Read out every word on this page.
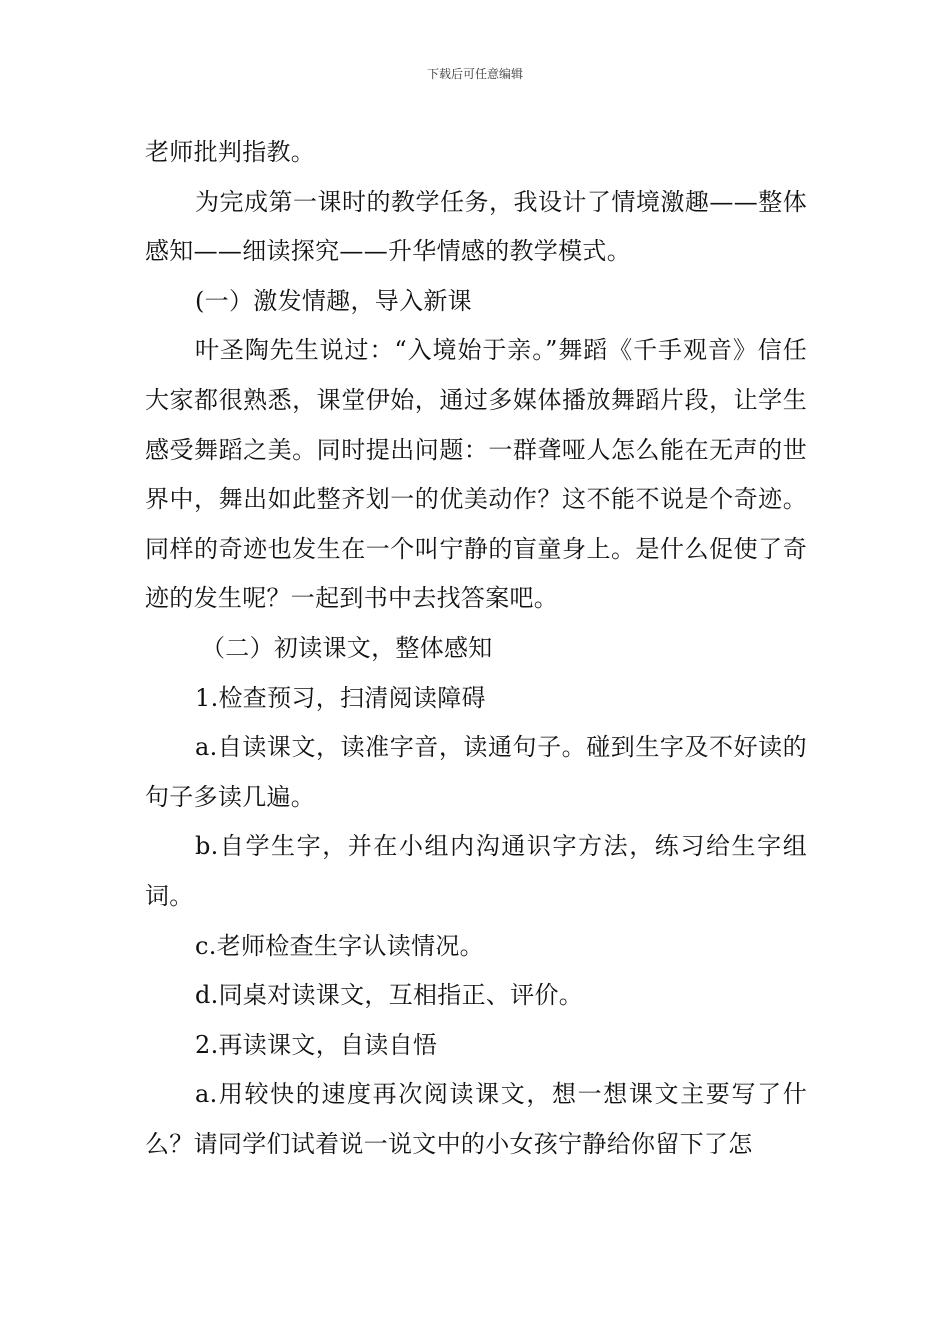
下载后可任意编辑

老师批判指教。

为完成第一课时的教学任务，我设计了情境激趣——整体感知——细读探究——升华情感的教学模式。

(一）激发情趣，导入新课

叶圣陶先生说过：“入境始于亲。”舞蹈《千手观音》信任大家都很熟悉，课堂伊始，通过多媒体播放舞蹈片段，让学生感受舞蹈之美。同时提出问题：一群聋哑人怎么能在无声的世界中，舞出如此整齐划一的优美动作？这不能不说是个奇迹。同样的奇迹也发生在一个叫宁静的盲童身上。是什么促使了奇迹的发生呢？一起到书中去找答案吧。

（二）初读课文，整体感知

1.检查预习，扫清阅读障碍

a.自读课文，读准字音，读通句子。碰到生字及不好读的句子多读几遍。

b.自学生字，并在小组内沟通识字方法，练习给生字组词。

c.老师检查生字认读情况。

d.同桌对读课文，互相指正、评价。

2.再读课文，自读自悟

a.用较快的速度再次阅读课文，想一想课文主要写了什么？请同学们试着说一说文中的小女孩宁静给你留下了怎
